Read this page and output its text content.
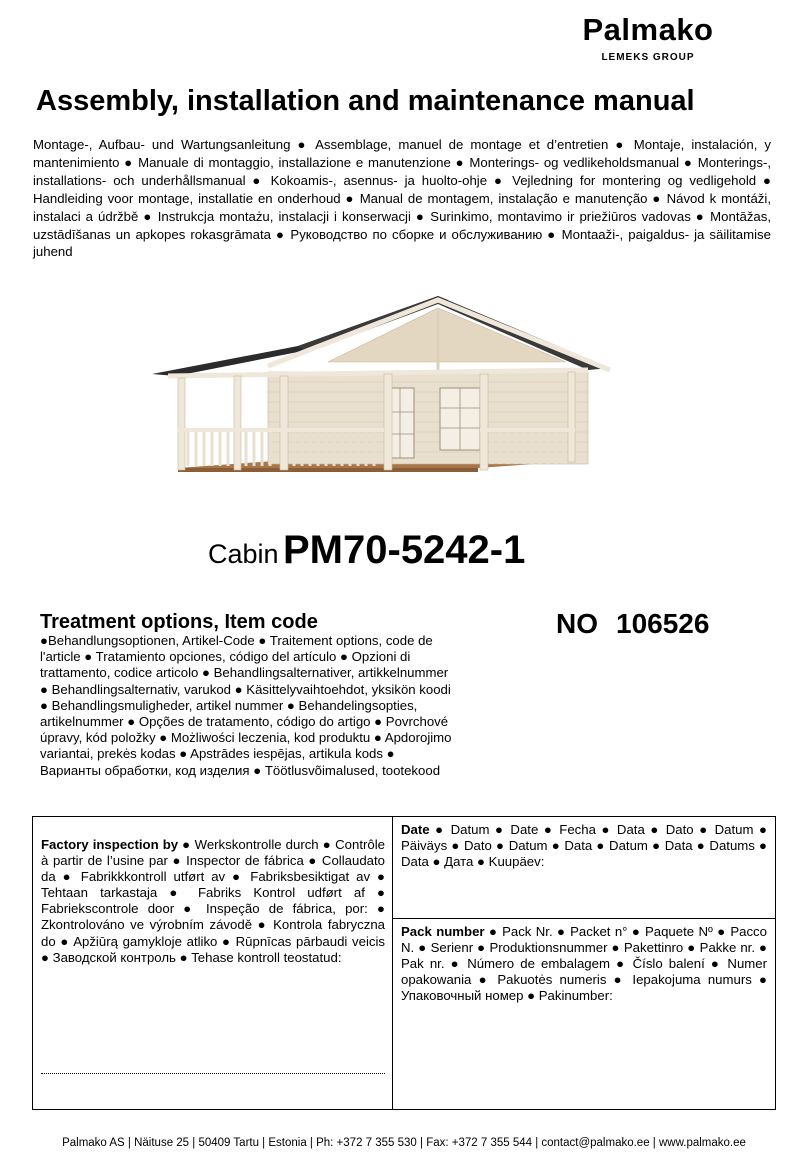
Palmako
LEMEKS GROUP
Assembly, installation and maintenance manual
Montage-, Aufbau- und Wartungsanleitung ● Assemblage, manuel de montage et d’entretien ● Montaje, instalación, y mantenimiento ● Manuale di montaggio, installazione e manutenzione ● Monterings- og vedlikeholdsmanual ● Monterings-, installations- och underhållsmanual ● Kokoamis-, asennus- ja huolto-ohje ● Vejledning for montering og vedligehold ● Handleiding voor montage, installatie en onderhoud ● Manual de montagem, instalação e manutenção ● Návod k montáži, instalaci a údržbě ● Instrukcja montażu, instalacji i konserwacji ● Surinkimo, montavimo ir priežiūros vadovas ● Montāžas, uzstādīšanas un apkopes rokasgrāmata ● Руководство по сборке и обслуживанию ● Montaaži-, paigaldus- ja säilitamise juhend
Cabin PM70-5242-1
Treatment options, Item code
●Behandlungsoptionen, Artikel-Code ● Traitement options, code de l'article ● Tratamiento opciones, código del artículo ● Opzioni di trattamento, codice articolo ● Behandlingsalternativer, artikkelnummer ● Behandlingsalternativ, varukod ● Käsittelyvaihtoehdot, yksikön koodi ● Behandlingsmuligheder, artikel nummer ● Behandelingsopties, artikelnummer ● Opções de tratamento, código do artigo ● Povrchové úpravy, kód položky ● Możliwości leczenia, kod produktu ● Apdorojimo variantai, prekės kodas ● Apstrādes iespējas, artikula kods ● Варианты обработки, код изделия ● Töötlusvõimalused, tootekood
NO 106526
Factory inspection by ● Werkskontrolle durch ● Contrôle à partir de l’usine par ● Inspector de fábrica ● Collaudato da ● Fabrikkkontroll utført av ● Fabriksbesiktigat av ● Tehtaan tarkastaja ● Fabriks Kontrol udført af ● Fabriekscontrole door ● Inspeção de fábrica, por: ● Zkontrolováno ve výrobním závodě ● Kontrola fabryczna do ● Apžiūrą gamykloje atliko ● Rūpnīcas pārbaudi veicis ● Заводской контроль ● Tehase kontroll teostatud:
Date ● Datum ● Date ● Fecha ● Data ● Dato ● Datum ● Päiväys ● Dato ● Datum ● Data ● Datum ● Data ● Datums ● Data ● Дата ● Kuupäev:
Pack number ● Pack Nr. ● Packet n° ● Paquete Nº ● Pacco N. ● Serienr ● Produktionsnummer ● Pakettinro ● Pakke nr. ● Pak nr. ● Número de embalagem ● Číslo balení ● Numer opakowania ● Pakuotės numeris ● Iepakojuma numurs ● Упаковочный номер ● Pakinumber:
Palmako AS | Näituse 25 | 50409 Tartu | Estonia | Ph: +372 7 355 530 | Fax: +372 7 355 544 | contact@palmako.ee | www.palmako.ee
